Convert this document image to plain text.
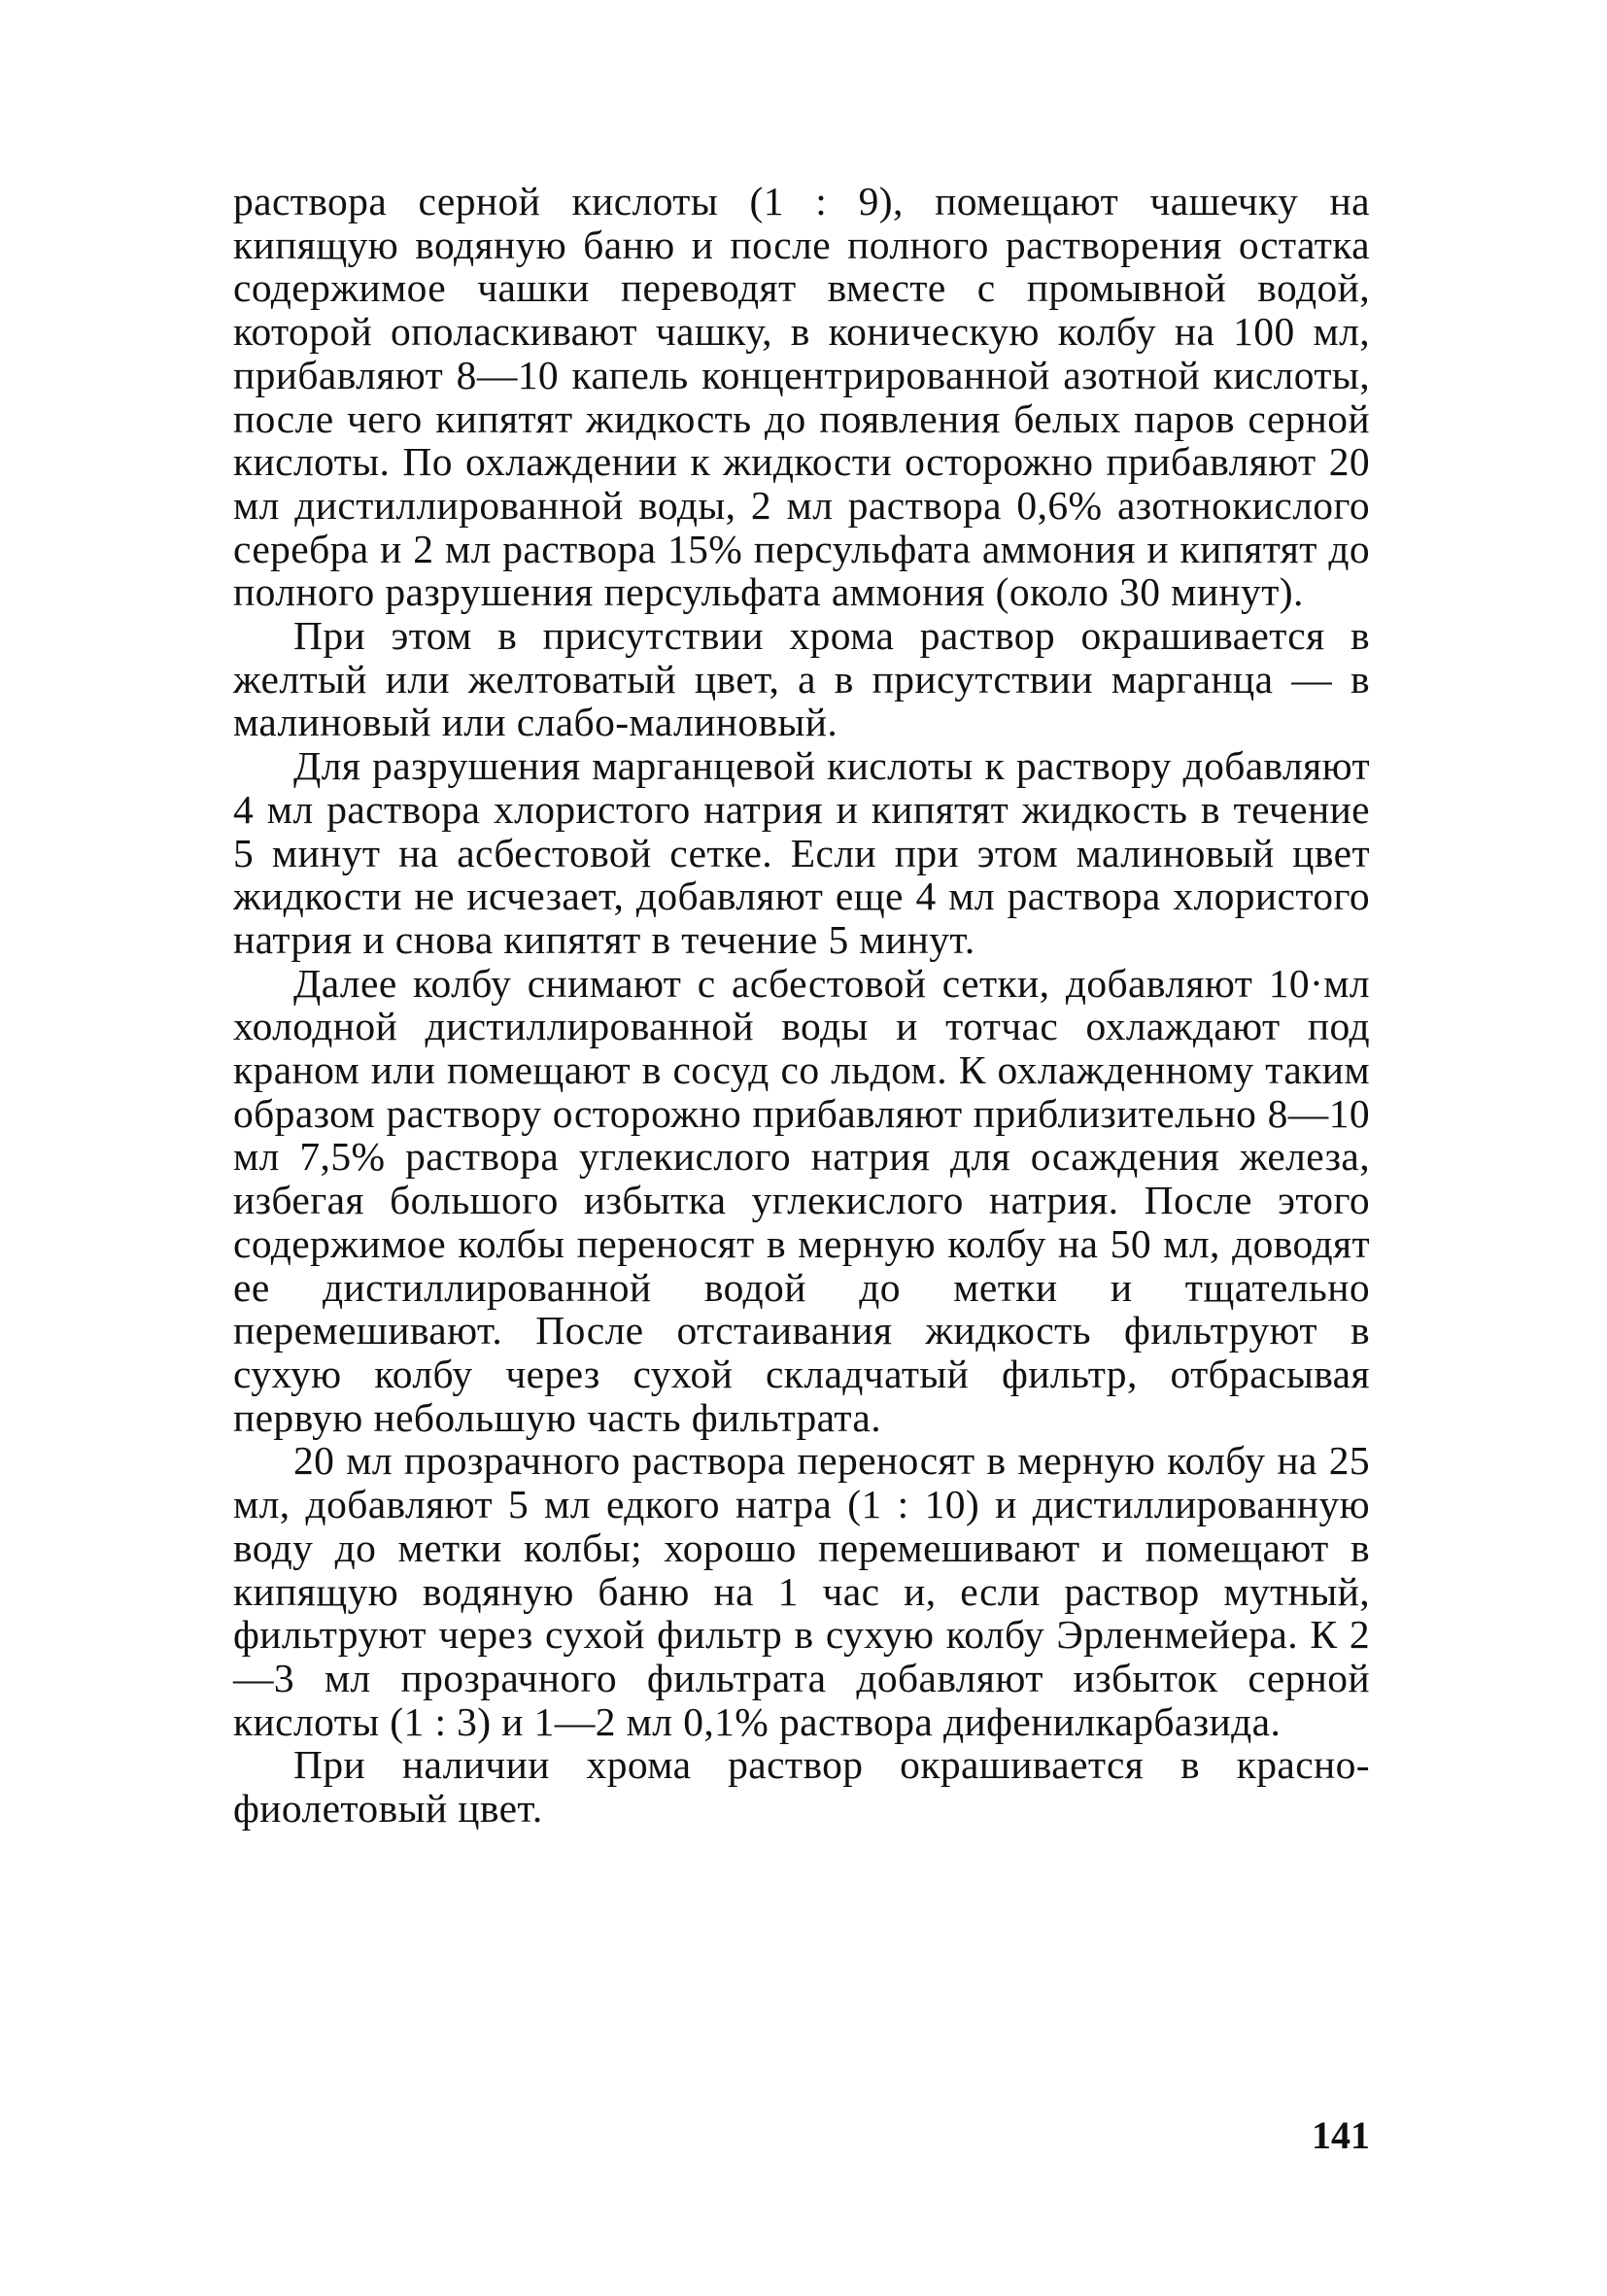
раствора серной кислоты (1 : 9), помещают чашечку на кипящую водяную баню и после полного растворения остатка содержимое чашки переводят вместе с промывной водой, которой ополаскивают чашку, в коническую колбу на 100 мл, прибавляют 8—10 капель концентрированной азотной кислоты, после чего кипятят жидкость до появления белых паров серной кислоты. По охлаждении к жидкости осторожно прибавляют 20 мл дистиллированной воды, 2 мл раствора 0,6% азотнокислого серебра и 2 мл раствора 15% персульфата аммония и кипятят до полного разрушения персульфата аммония (около 30 минут).

При этом в присутствии хрома раствор окрашивается в желтый или желтоватый цвет, а в присутствии марганца — в малиновый или слабо-малиновый.

Для разрушения марганцевой кислоты к раствору добавляют 4 мл раствора хлористого натрия и кипятят жидкость в течение 5 минут на асбестовой сетке. Если при этом малиновый цвет жидкости не исчезает, добавляют еще 4 мл раствора хлористого натрия и снова кипятят в течение 5 минут.

Далее колбу снимают с асбестовой сетки, добавляют 10·мл холодной дистиллированной воды и тотчас охлаждают под краном или помещают в сосуд со льдом. К охлажденному таким образом раствору осторожно прибавляют приблизительно 8—10 мл 7,5% раствора углекислого натрия для осаждения железа, избегая большого избытка углекислого натрия. После этого содержимое колбы переносят в мерную колбу на 50 мл, доводят ее дистиллированной водой до метки и тщательно перемешивают. После отстаивания жидкость фильтруют в сухую колбу через сухой складчатый фильтр, отбрасывая первую небольшую часть фильтрата.

20 мл прозрачного раствора переносят в мерную колбу на 25 мл, добавляют 5 мл едкого натра (1 : 10) и дистиллированную воду до метки колбы; хорошо перемешивают и помещают в кипящую водяную баню на 1 час и, если раствор мутный, фильтруют через сухой фильтр в сухую колбу Эрленмейера. К 2—3 мл прозрачного фильтрата добавляют избыток серной кислоты (1 : 3) и 1—2 мл 0,1% раствора дифенилкарбазида.

При наличии хрома раствор окрашивается в красно-фиолетовый цвет.

141
